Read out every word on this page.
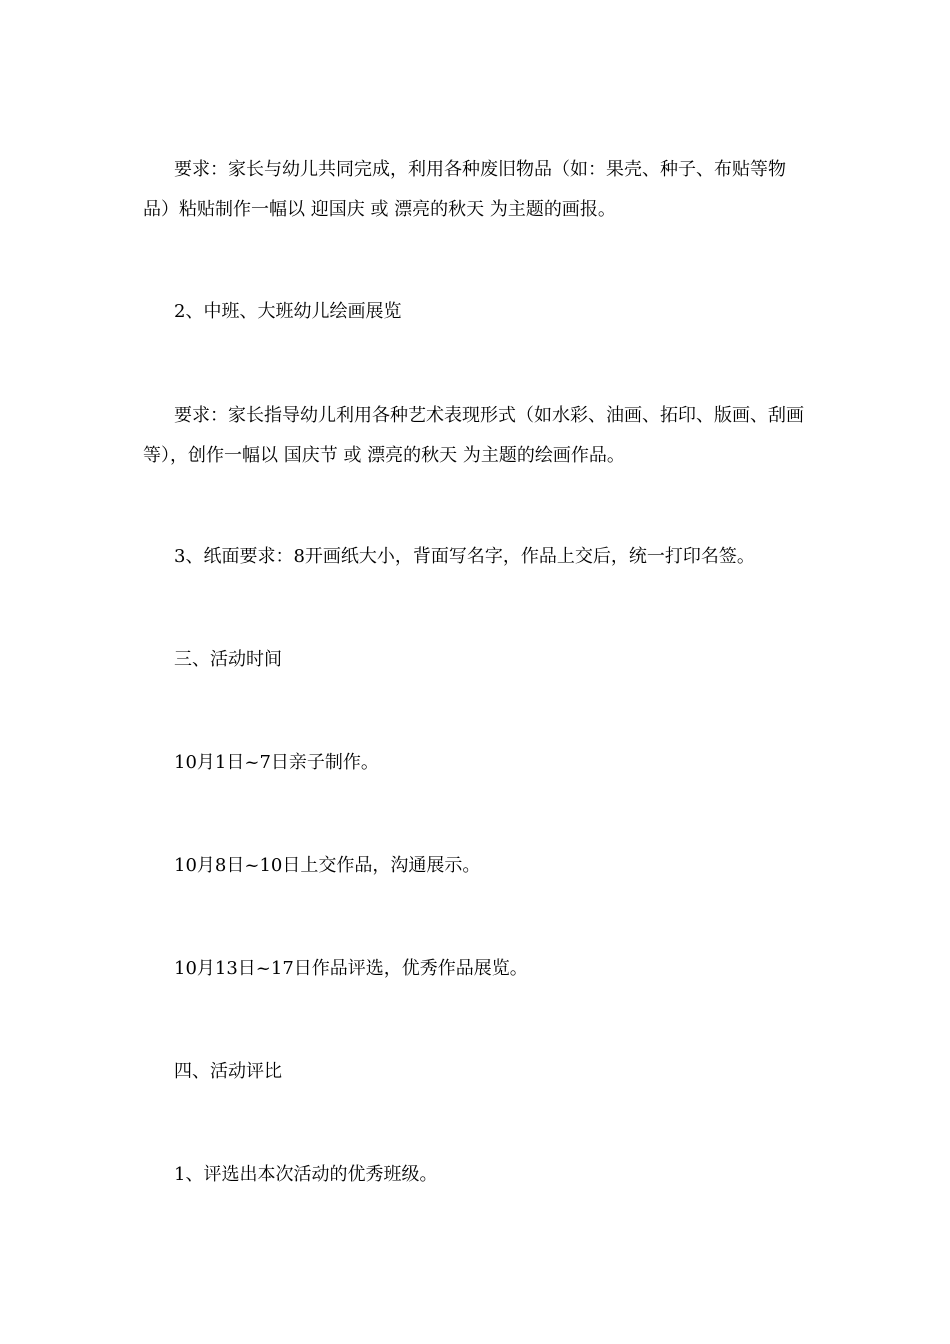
要求：家长与幼儿共同完成，利用各种废旧物品（如：果壳、种子、布贴等物品）粘贴制作一幅以 迎国庆 或 漂亮的秋天 为主题的画报。

2、中班、大班幼儿绘画展览

要求：家长指导幼儿利用各种艺术表现形式（如水彩、油画、拓印、版画、刮画等），创作一幅以 国庆节 或 漂亮的秋天 为主题的绘画作品。

3、纸面要求：8开画纸大小，背面写名字，作品上交后，统一打印名签。

三、活动时间

10月1日~7日亲子制作。

10月8日~10日上交作品，沟通展示。

10月13日~17日作品评选，优秀作品展览。

四、活动评比

1、评选出本次活动的优秀班级。
